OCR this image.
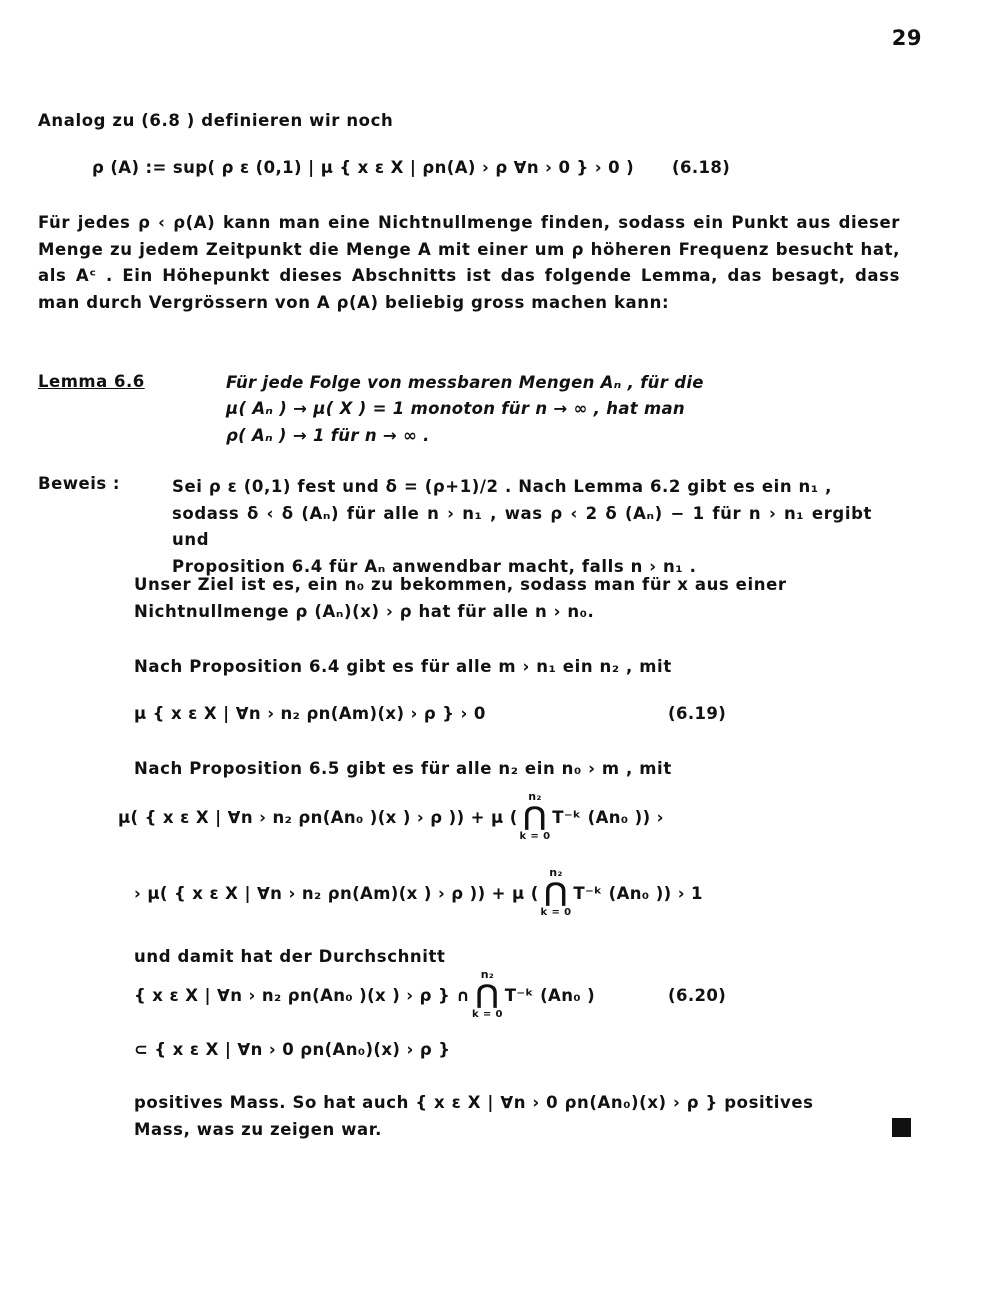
29
Analog zu (6.8 ) definieren wir noch
ρ (A) := sup( ρ ε (0,1) | μ { x ε X | ρn(A) › ρ ∀n › 0 } › 0 ) (6.18)
Für jedes ρ ‹ ρ(A) kann man eine Nichtnullmenge finden, sodass ein Punkt aus dieser Menge zu jedem Zeitpunkt die Menge A mit einer um ρ höheren Frequenz besucht hat, als Aᶜ . Ein Höhepunkt dieses Abschnitts ist das folgende Lemma, das besagt, dass man durch Vergrössern von A ρ(A) beliebig gross machen kann:
Lemma 6.6	Für jede Folge von messbaren Mengen Aₙ , für die
μ( Aₙ ) → μ( X ) = 1 monoton für n → ∞ , hat man
ρ( Aₙ ) → 1 für n → ∞ .
Beweis :	Sei ρ ε (0,1) fest und δ = (ρ+1)/2 . Nach Lemma 6.2 gibt es ein n₁ ,
sodass δ ‹ δ (Aₙ) für alle n › n₁ , was ρ ‹ 2 δ (Aₙ) − 1 für n › n₁ ergibt und
Proposition 6.4 für Aₙ anwendbar macht, falls n › n₁ .
Unser Ziel ist es, ein n₀ zu bekommen, sodass man für x aus einer
Nichtnullmenge ρ (Aₙ)(x) › ρ hat für alle n › n₀.
Nach Proposition 6.4 gibt es für alle m › n₁ ein n₂ , mit
μ { x ε X | ∀n › n₂ ρn(Am)(x) › ρ } › 0	(6.19)
Nach Proposition 6.5 gibt es für alle n₂ ein n₀ › m , mit
μ( { x ε X | ∀n › n₂ ρn(An₀ )(x ) › ρ )) + μ ( ⋂
n₂
k = 0
T⁻ᵏ (An₀ )) ›
› μ( { x ε X | ∀n › n₂ ρn(Am)(x ) › ρ )) + μ ( ⋂
n₂
k = 0
T⁻ᵏ (An₀ )) › 1
und damit hat der Durchschnitt
{ x ε X | ∀n › n₂ ρn(An₀ )(x ) › ρ } ∩ ⋂
n₂
k = 0
T⁻ᵏ (An₀ )	(6.20)
⊂ { x ε X | ∀n › 0 ρn(An₀)(x) › ρ }
positives Mass. So hat auch { x ε X | ∀n › 0 ρn(An₀)(x) › ρ } positives
Mass, was zu zeigen war.
